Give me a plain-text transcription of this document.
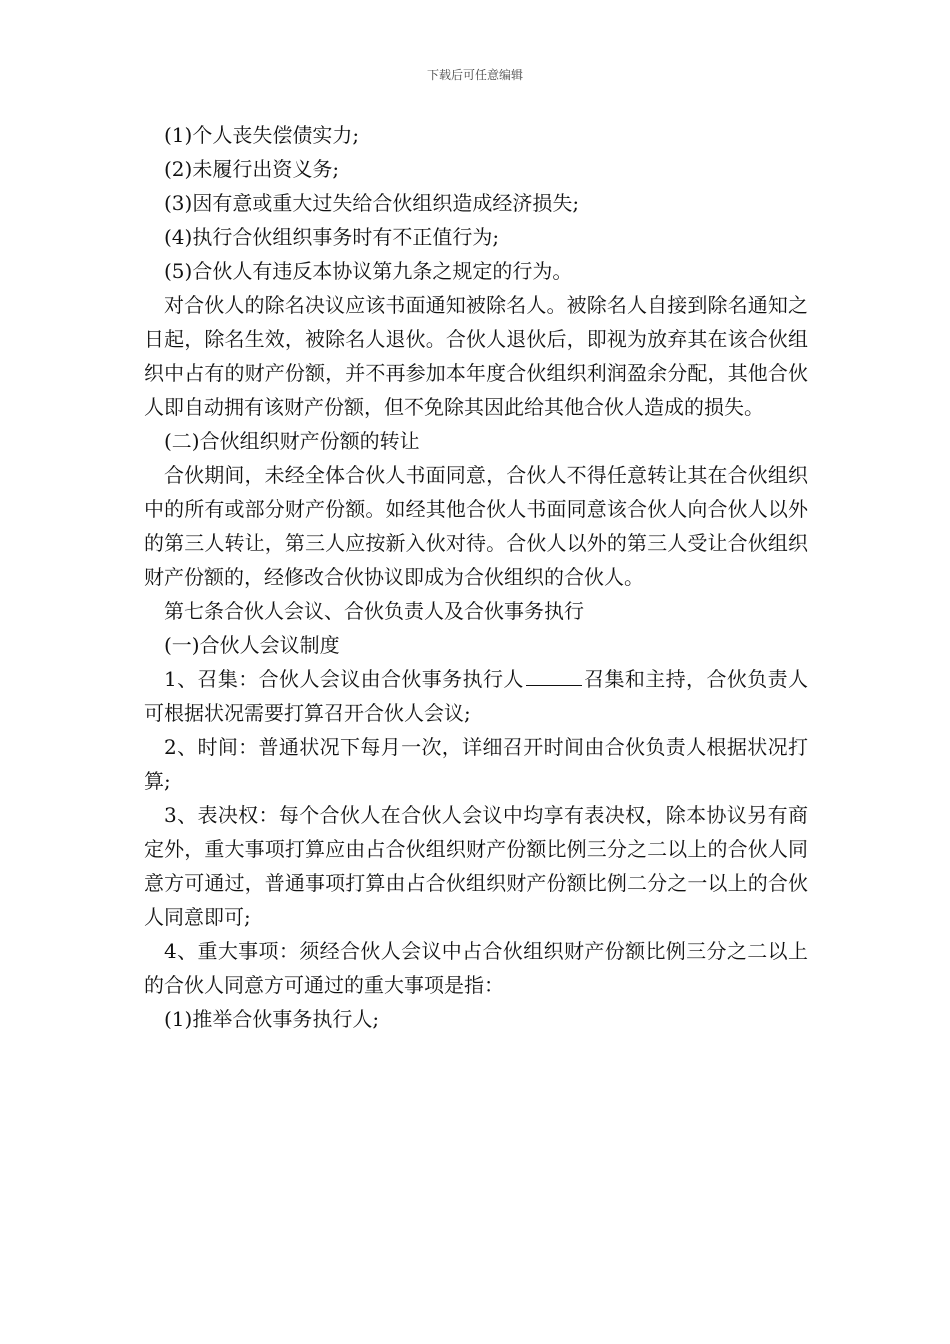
下载后可任意编辑

(1)个人丧失偿债实力;

(2)未履行出资义务;

(3)因有意或重大过失给合伙组织造成经济损失;

(4)执行合伙组织事务时有不正值行为;

(5)合伙人有违反本协议第九条之规定的行为。

对合伙人的除名决议应该书面通知被除名人。被除名人自接到除名通知之日起，除名生效，被除名人退伙。合伙人退伙后，即视为放弃其在该合伙组织中占有的财产份额，并不再参加本年度合伙组织利润盈余分配，其他合伙人即自动拥有该财产份额，但不免除其因此给其他合伙人造成的损失。

(二)合伙组织财产份额的转让

合伙期间，未经全体合伙人书面同意，合伙人不得任意转让其在合伙组织中的所有或部分财产份额。如经其他合伙人书面同意该合伙人向合伙人以外的第三人转让，第三人应按新入伙对待。合伙人以外的第三人受让合伙组织财产份额的，经修改合伙协议即成为合伙组织的合伙人。

第七条合伙人会议、合伙负责人及合伙事务执行

(一)合伙人会议制度

1、召集：合伙人会议由合伙事务执行人	召集和主持，合伙负责人可根据状况需要打算召开合伙人会议;

2、时间：普通状况下每月一次，详细召开时间由合伙负责人根据状况打算;

3、表决权：每个合伙人在合伙人会议中均享有表决权，除本协议另有商定外，重大事项打算应由占合伙组织财产份额比例三分之二以上的合伙人同意方可通过，普通事项打算由占合伙组织财产份额比例二分之一以上的合伙人同意即可;

4、重大事项：须经合伙人会议中占合伙组织财产份额比例三分之二以上的合伙人同意方可通过的重大事项是指：

(1)推举合伙事务执行人;
